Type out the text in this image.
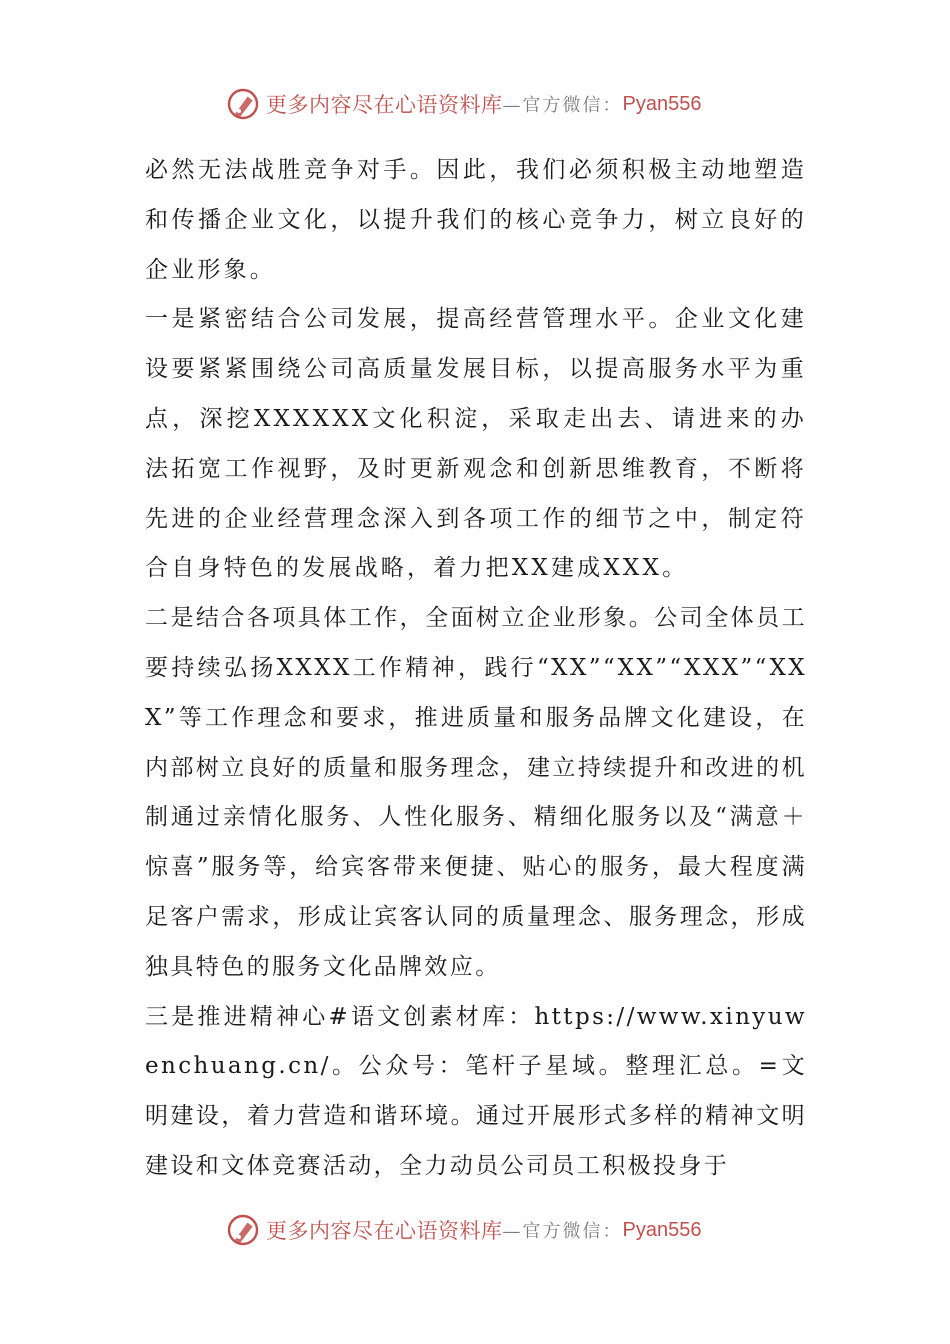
更多内容尽在心语资料库 —官方微信： Pyan556

必然无法战胜竞争对手。因此，我们必须积极主动地塑造和传播企业文化，以提升我们的核心竞争力，树立良好的企业形象。

一是紧密结合公司发展，提高经营管理水平。企业文化建设要紧紧围绕公司高质量发展目标，以提高服务水平为重点，深挖XXXXXX文化积淀，采取走出去、请进来的办法拓宽工作视野，及时更新观念和创新思维教育，不断将先进的企业经营理念深入到各项工作的细节之中，制定符合自身特色的发展战略，着力把XX建成XXX。

二是结合各项具体工作，全面树立企业形象。公司全体员工要持续弘扬XXXX工作精神，践行“XX”“XX”“XXX”“XXX”等工作理念和要求，推进质量和服务品牌文化建设，在内部树立良好的质量和服务理念，建立持续提升和改进的机制通过亲情化服务、人性化服务、精细化服务以及“满意＋惊喜”服务等，给宾客带来便捷、贴心的服务，最大程度满足客户需求，形成让宾客认同的质量理念、服务理念，形成独具特色的服务文化品牌效应。

三是推进精神心#语文创素材库：https://www.xinyuwenchuang.cn/。公众号：笔杆子星域。整理汇总。=文明建设，着力营造和谐环境。通过开展形式多样的精神文明建设和文体竞赛活动，全力动员公司员工积极投身于

更多内容尽在心语资料库 —官方微信： Pyan556
